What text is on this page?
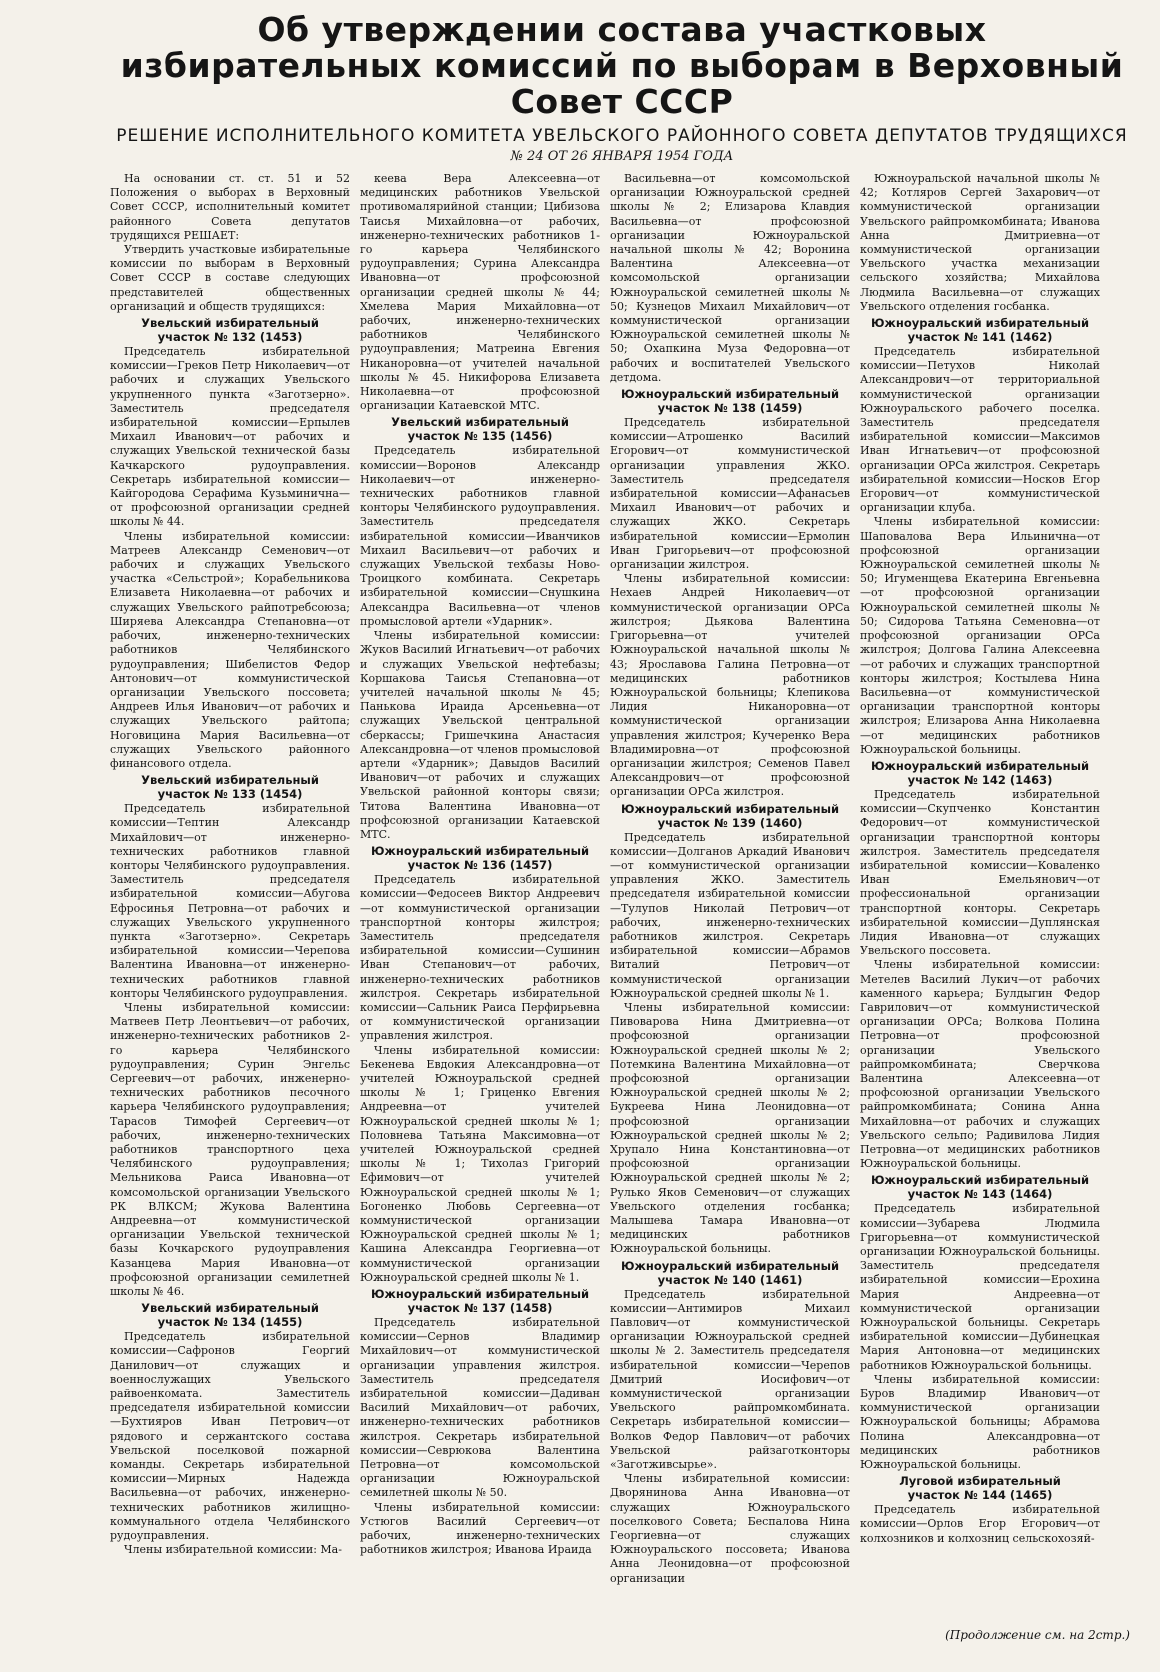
Об утверждении состава участковых избирательных комиссий по выборам в Верховный Совет СССР
РЕШЕНИЕ ИСПОЛНИТЕЛЬНОГО КОМИТЕТА УВЕЛЬСКОГО РАЙОННОГО СОВЕТА ДЕПУТАТОВ ТРУДЯЩИХСЯ
№ 24 ОТ 26 ЯНВАРЯ 1954 ГОДА

На основании ст. ст. 51 и 52 Положения о выборах в Верховный Совет СССР, исполнительный комитет районного Совета депутатов трудящихся РЕШАЕТ:

Утвердить участковые избирательные комиссии по выборам в Верховный Совет СССР в составе следующих представителей общественных организаций и обществ трудящихся:

Увельский избирательный
участок № 132 (1453)

Председатель избирательной комиссии—Греков Петр Николаевич—от рабочих и служащих Увельского укрупненного пункта «Заготзерно». Заместитель председателя избирательной комиссии—Ерпылев Михаил Иванович—от рабочих и служащих Увельской технической базы Качкарского рудоуправления. Секретарь избирательной комиссии—Кайгородова Серафима Кузьминична—от профсоюзной организации средней школы № 44.

Члены избирательной комиссии: Матреев Александр Семенович—от рабочих и служащих Увельского участка «Сельстрой»; Корабельникова Елизавета Николаевна—от рабочих и служащих Увельского райпотребсоюза; Ширяева Александра Степановна—от рабочих, инженерно-технических работников Челябинского рудоуправления; Шибелистов Федор Антонович—от коммунистической организации Увельского поссовета; Андреев Илья Иванович—от рабочих и служащих Увельского райтопа; Ноговицина Мария Васильевна—от служащих Увельского районного финансового отдела.

Увельский избирательный
участок № 133 (1454)

Председатель избирательной комиссии—Тептин Александр Михайлович—от инженерно-технических работников главной конторы Челябинского рудоуправления. Заместитель председателя избирательной комиссии—Абугова Ефросинья Петровна—от рабочих и служащих Увельского укрупненного пункта «Заготзерно». Секретарь избирательной комиссии—Черепова Валентина Ивановна—от инженерно-технических работников главной конторы Челябинского рудоуправления.

Члены избирательной комиссии: Матвеев Петр Леонтьевич—от рабочих, инженерно-технических работников 2-го карьера Челябинского рудоуправления; Сурин Энгельс Сергеевич—от рабочих, инженерно-технических работников песочного карьера Челябинского рудоуправления; Тарасов Тимофей Сергеевич—от рабочих, инженерно-технических работников транспортного цеха Челябинского рудоуправления; Мельникова Раиса Ивановна—от комсомольской организации Увельского РК ВЛКСМ; Жукова Валентина Андреевна—от коммунистической организации Увельской технической базы Кочкарского рудоуправления Казанцева Мария Ивановна—от профсоюзной организации семилетней школы № 46.

Увельский избирательный
участок № 134 (1455)

Председатель избирательной комиссии—Сафронов Георгий Данилович—от служащих и военнослужащих Увельского райвоенкомата. Заместитель председателя избирательной комиссии—Бухтияров Иван Петрович—от рядового и сержантского состава Увельской поселковой пожарной команды. Секретарь избирательной комиссии—Мирных Надежда Васильевна—от рабочих, инженерно-технических работников жилищно-коммунального отдела Челябинского рудоуправления.

Члены избирательной комиссии: Ма-

кеева Вера Алексеевна—от медицинских работников Увельской противомалярийной станции; Цибизова Таисья Михайловна—от рабочих, инженерно-технических работников 1-го карьера Челябинского рудоуправления; Сурина Александра Ивановна—от профсоюзной организации средней школы № 44; Хмелева Мария Михайловна—от рабочих, инженерно-технических работников Челябинского рудоуправления; Матреина Евгения Никаноровна—от учителей начальной школы № 45. Никифорова Елизавета Николаевна—от профсоюзной организации Катаевской МТС.

Увельский избирательный
участок № 135 (1456)

Председатель избирательной комиссии—Воронов Александр Николаевич—от инженерно-технических работников главной конторы Челябинского рудоуправления. Заместитель председателя избирательной комиссии—Иванчиков Михаил Васильевич—от рабочих и служащих Увельской техбазы Ново-Троицкого комбината. Секретарь избирательной комиссии—Снушкина Александра Васильевна—от членов промысловой артели «Ударник».

Члены избирательной комиссии: Жуков Василий Игнатьевич—от рабочих и служащих Увельской нефтебазы; Коршакова Таисья Степановна—от учителей начальной школы № 45; Панькова Ираида Арсеньевна—от служащих Увельской центральной сберкассы; Гришечкина Анастасия Александровна—от членов промысловой артели «Ударник»; Давыдов Василий Иванович—от рабочих и служащих Увельской районной конторы связи; Титова Валентина Ивановна—от профсоюзной организации Катаевской МТС.

Южноуральский избирательный
участок № 136 (1457)

Председатель избирательной комиссии—Федосеев Виктор Андреевич—от коммунистической организации транспортной конторы жилстроя; Заместитель председателя избирательной комиссии—Сушинин Иван Степанович—от рабочих, инженерно-технических работников жилстроя. Секретарь избирательной комиссии—Сальник Раиса Перфирьевна от коммунистической организации управления жилстроя.

Члены избирательной комиссии: Бекенева Евдокия Александровна—от учителей Южноуральской средней школы № 1; Гриценко Евгения Андреевна—от учителей Южноуральской средней школы № 1; Половнева Татьяна Максимовна—от учителей Южноуральской средней школы № 1; Тихолаз Григорий Ефимович—от учителей Южноуральской средней школы № 1; Богоненко Любовь Сергеевна—от коммунистической организации Южноуральской средней школы № 1; Кашина Александра Георгиевна—от коммунистической организации Южноуральской средней школы № 1.

Южноуральский избирательный
участок № 137 (1458)

Председатель избирательной комиссии—Сернов Владимир Михайлович—от коммунистической организации управления жилстроя. Заместитель председателя избирательной комиссии—Дадиван Василий Михайлович—от рабочих, инженерно-технических работников жилстроя. Секретарь избирательной комиссии—Севрюкова Валентина Петровна—от комсомольской организации Южноуральской семилетней школы № 50.

Члены избирательной комиссии: Устюгов Василий Сергеевич—от рабочих, инженерно-технических работников жилстроя; Иванова Ираида

Васильевна—от комсомольской организации Южноуральской средней школы № 2; Елизарова Клавдия Васильевна—от профсоюзной организации Южноуральской начальной школы № 42; Воронина Валентина Алексеевна—от комсомольской организации Южноуральской семилетней школы № 50; Кузнецов Михаил Михайлович—от коммунистической организации Южноуральской семилетней школы № 50; Охапкина Муза Федоровна—от рабочих и воспитателей Увельского детдома.

Южноуральский избирательный
участок № 138 (1459)

Председатель избирательной комиссии—Атрошенко Василий Егорович—от коммунистической организации управления ЖКО. Заместитель председателя избирательной комиссии—Афанасьев Михаил Иванович—от рабочих и служащих ЖКО. Секретарь избирательной комиссии—Ермолин Иван Григорьевич—от профсоюзной организации жилстроя.

Члены избирательной комиссии: Нехаев Андрей Николаевич—от коммунистической организации ОРСа жилстроя; Дьякова Валентина Григорьевна—от учителей Южноуральской начальной школы № 43; Ярославова Галина Петровна—от медицинских работников Южноуральской больницы; Клепикова Лидия Никаноровна—от коммунистической организации управления жилстроя; Кучеренко Вера Владимировна—от профсоюзной организации жилстроя; Семенов Павел Александрович—от профсоюзной организации ОРСа жилстроя.

Южноуральский избирательный
участок № 139 (1460)

Председатель избирательной комиссии—Долганов Аркадий Иванович—от коммунистической организации управления ЖКО. Заместитель председателя избирательной комиссии—Тулупов Николай Петрович—от рабочих, инженерно-технических работников жилстроя. Секретарь избирательной комиссии—Абрамов Виталий Петрович—от коммунистической организации Южноуральской средней школы № 1.

Члены избирательной комиссии: Пивоварова Нина Дмитриевна—от профсоюзной организации Южноуральской средней школы № 2; Потемкина Валентина Михайловна—от профсоюзной организации Южноуральской средней школы № 2; Букреева Нина Леонидовна—от профсоюзной организации Южноуральской средней школы № 2; Хрупало Нина Константиновна—от профсоюзной организации Южноуральской средней школы № 2; Рулько Яков Семенович—от служащих Увельского отделения госбанка; Малышева Тамара Ивановна—от медицинских работников Южноуральской больницы.

Южноуральский избирательный
участок № 140 (1461)

Председатель избирательной комиссии—Антимиров Михаил Павлович—от коммунистической организации Южноуральской средней школы № 2. Заместитель председателя избирательной комиссии—Черепов Дмитрий Иосифович—от коммунистической организации Увельского райпромкомбината. Секретарь избирательной комиссии—Волков Федор Павлович—от рабочих Увельской райзаготконторы «Заготживсырье».

Члены избирательной комиссии: Дворянинова Анна Ивановна—от служащих Южноуральского поселкового Совета; Беспалова Нина Георгиевна—от служащих Южноуральского поссовета; Иванова Анна Леонидовна—от профсоюзной организации

Южноуральской начальной школы № 42; Котляров Сергей Захарович—от коммунистической организации Увельского райпромкомбината; Иванова Анна Дмитриевна—от коммунистической организации Увельского участка механизации сельского хозяйства; Михайлова Людмила Васильевна—от служащих Увельского отделения госбанка.

Южноуральский избирательный
участок № 141 (1462)

Председатель избирательной комиссии—Петухов Николай Александрович—от территориальной коммунистической организации Южноуральского рабочего поселка. Заместитель председателя избирательной комиссии—Максимов Иван Игнатьевич—от профсоюзной организации ОРСа жилстроя. Секретарь избирательной комиссии—Носков Егор Егорович—от коммунистической организации клуба.

Члены избирательной комиссии: Шаповалова Вера Ильинична—от профсоюзной организации Южноуральской семилетней школы № 50; Игуменщева Екатерина Евгеньевна—от профсоюзной организации Южноуральской семилетней школы № 50; Сидорова Татьяна Семеновна—от профсоюзной организации ОРСа жилстроя; Долгова Галина Алексеевна—от рабочих и служащих транспортной конторы жилстроя; Костылева Нина Васильевна—от коммунистической организации транспортной конторы жилстроя; Елизарова Анна Николаевна—от медицинских работников Южноуральской больницы.

Южноуральский избирательный
участок № 142 (1463)

Председатель избирательной комиссии—Скупченко Константин Федорович—от коммунистической организации транспортной конторы жилстроя. Заместитель председателя избирательной комиссии—Коваленко Иван Емельянович—от профессиональной организации транспортной конторы. Секретарь избирательной комиссии—Дуплянская Лидия Ивановна—от служащих Увельского поссовета.

Члены избирательной комиссии: Метелев Василий Лукич—от рабочих каменного карьера; Булдыгин Федор Гаврилович—от коммунистической организации ОРСа; Волкова Полина Петровна—от профсоюзной организации Увельского райпромкомбината; Сверчкова Валентина Алексеевна—от профсоюзной организации Увельского райпромкомбината; Сонина Анна Михайловна—от рабочих и служащих Увельского сельпо; Радивилова Лидия Петровна—от медицинских работников Южноуральской больницы.

Южноуральский избирательный
участок № 143 (1464)

Председатель избирательной комиссии—Зубарева Людмила Григорьевна—от коммунистической организации Южноуральской больницы. Заместитель председателя избирательной комиссии—Ерохина Мария Андреевна—от коммунистической организации Южноуральской больницы. Секретарь избирательной комиссии—Дубинецкая Мария Антоновна—от медицинских работников Южноуральской больницы.

Члены избирательной комиссии: Буров Владимир Иванович—от коммунистической организации Южноуральской больницы; Абрамова Полина Александровна—от медицинских работников Южноуральской больницы.

Луговой избирательный
участок № 144 (1465)

Председатель избирательной комиссии—Орлов Егор Егорович—от колхозников и колхозниц сельскохозяй-

(Продолжение см. на 2стр.)
